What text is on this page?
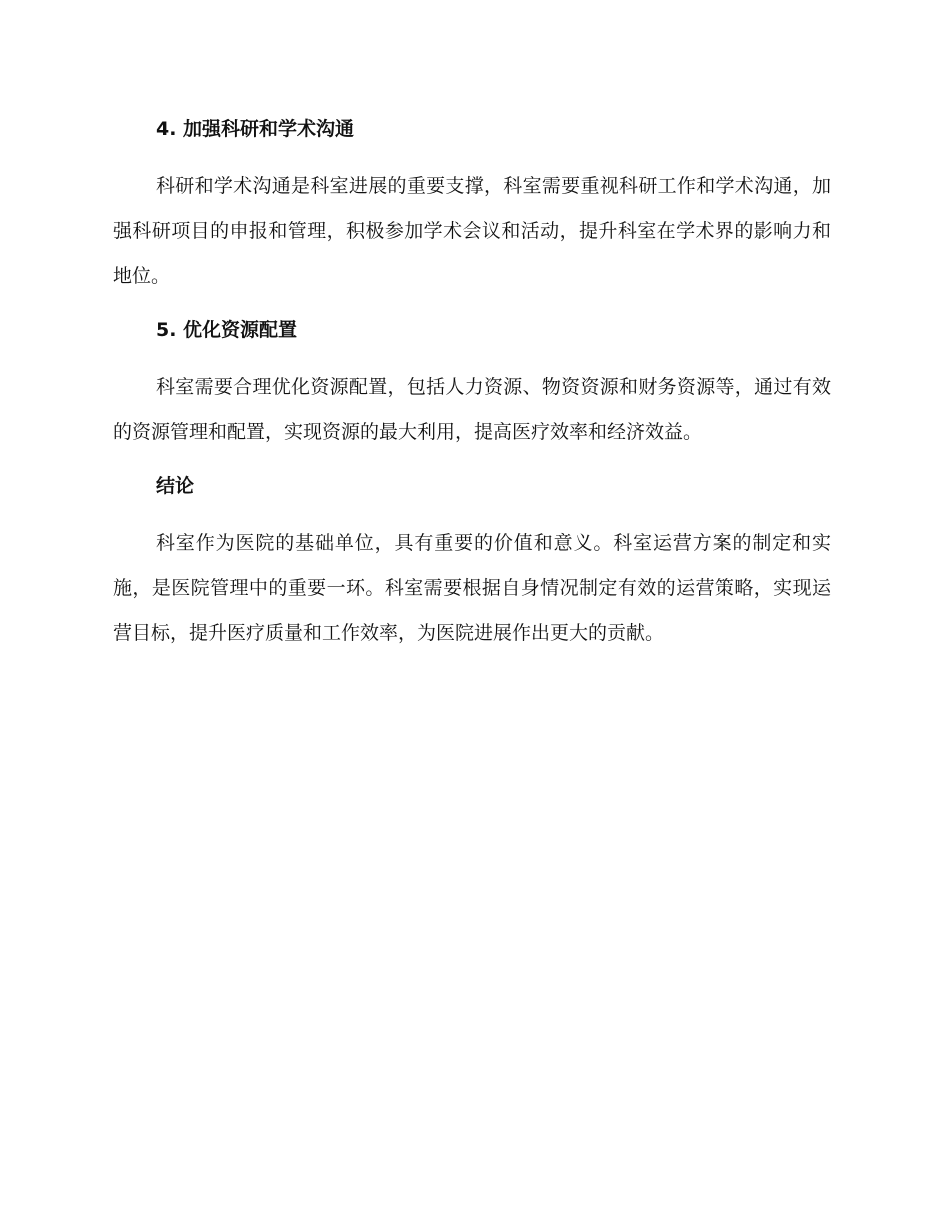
4. 加强科研和学术沟通

科研和学术沟通是科室进展的重要支撑，科室需要重视科研工作和学术沟通，加强科研项目的申报和管理，积极参加学术会议和活动，提升科室在学术界的影响力和地位。

5. 优化资源配置

科室需要合理优化资源配置，包括人力资源、物资资源和财务资源等，通过有效的资源管理和配置，实现资源的最大利用，提高医疗效率和经济效益。

结论

科室作为医院的基础单位，具有重要的价值和意义。科室运营方案的制定和实施，是医院管理中的重要一环。科室需要根据自身情况制定有效的运营策略，实现运营目标，提升医疗质量和工作效率，为医院进展作出更大的贡献。
